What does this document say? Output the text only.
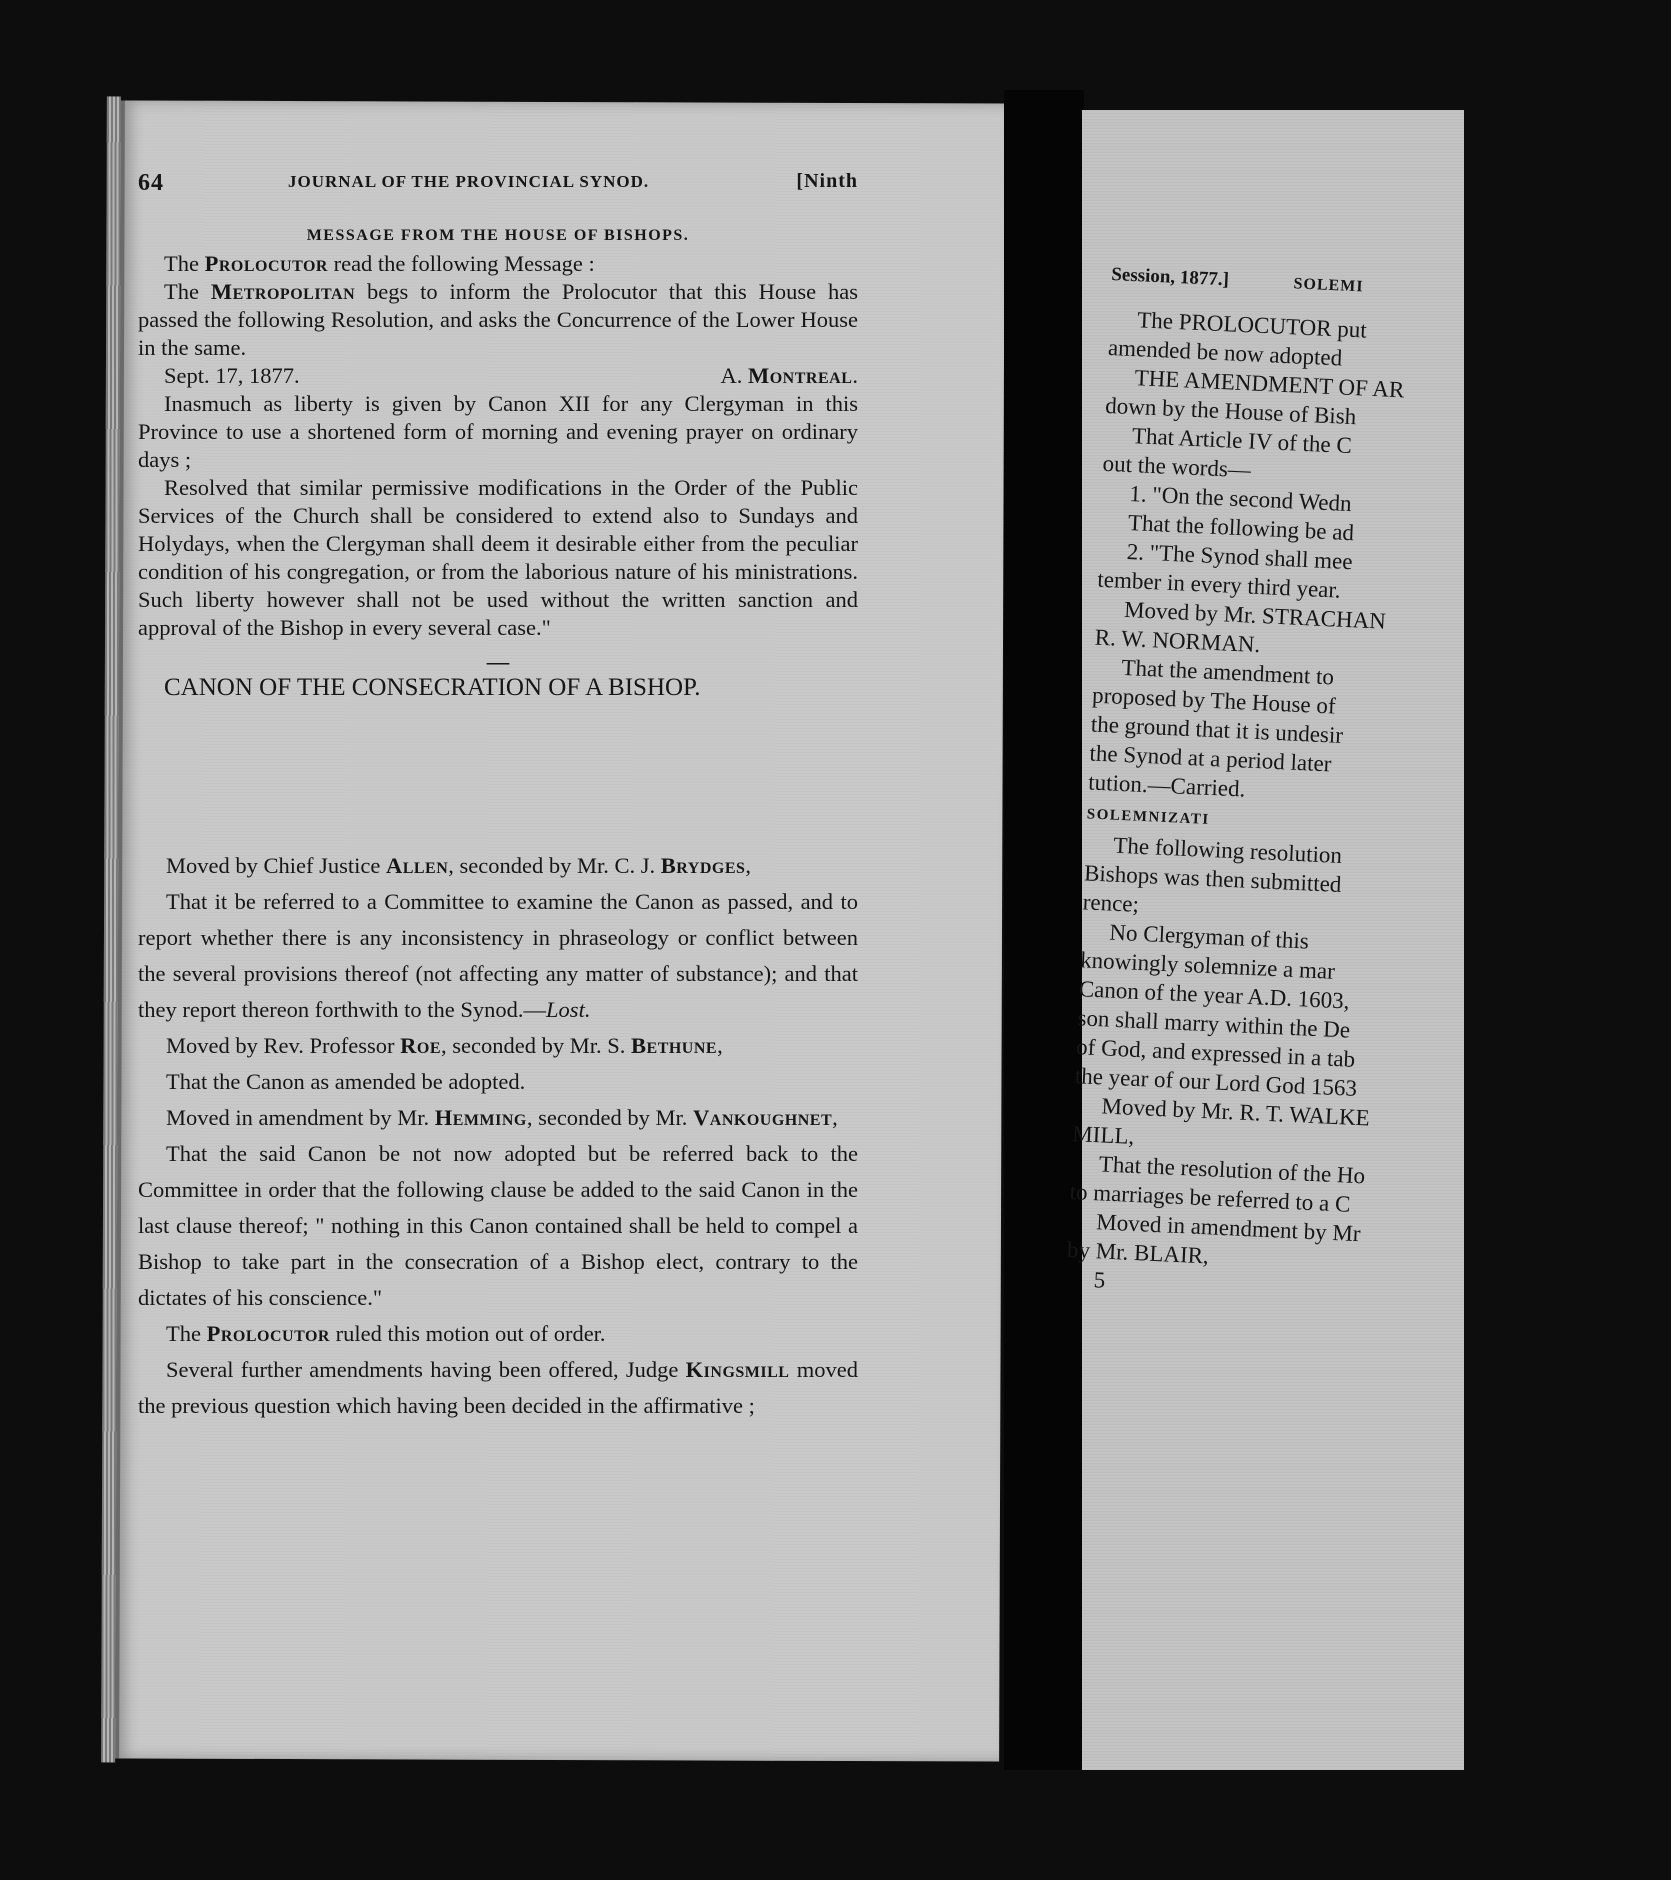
64	JOURNAL OF THE PROVINCIAL SYNOD.	[Ninth
MESSAGE FROM THE HOUSE OF BISHOPS.

The Prolocutor read the following Message :

The Metropolitan begs to inform the Prolocutor that this House has passed the following Resolution, and asks the Concurrence of the Lower House in the same.

Sept. 17, 1877.	A. Montreal.

Inasmuch as liberty is given by Canon XII for any Clergyman in this Province to use a shortened form of morning and evening prayer on ordinary days ;

Resolved that similar permissive modifications in the Order of the Public Services of the Church shall be considered to extend also to Sundays and Holydays, when the Clergyman shall deem it desirable either from the peculiar condition of his congregation, or from the laborious nature of his ministrations. Such liberty however shall not be used without the written sanction and approval of the Bishop in every several case."

—
CANON OF THE CONSECRATION OF A BISHOP.

Moved by Chief Justice Allen, seconded by Mr. C. J. Brydges,

That it be referred to a Committee to examine the Canon as passed, and to report whether there is any inconsistency in phraseology or conflict between the several provisions thereof (not affecting any matter of substance); and that they report thereon forthwith to the Synod.—Lost.

Moved by Rev. Professor Roe, seconded by Mr. S. Bethune,

That the Canon as amended be adopted.

Moved in amendment by Mr. Hemming, seconded by Mr. Vankoughnet,

That the said Canon be not now adopted but be referred back to the Committee in order that the following clause be added to the said Canon in the last clause thereof; " nothing in this Canon contained shall be held to compel a Bishop to take part in the consecration of a Bishop elect, contrary to the dictates of his conscience."

The Prolocutor ruled this motion out of order.

Several further amendments having been offered, Judge Kingsmill moved the previous question which having been decided in the affirmative ;

Session, 1877.]	SOLEMI
The PROLOCUTOR put
amended be now adopted
THE AMENDMENT OF AR
down by the House of Bish
That Article IV of the C
out the words—
1. "On the second Wedn
That the following be ad
2. "The Synod shall mee
tember in every third year.
Moved by Mr. STRACHAN
R. W. NORMAN.
That the amendment to
proposed by The House of
the ground that it is undesir
the Synod at a period later
tution.—Carried.
SOLEMNIZATI
The following resolution
Bishops was then submitted
rence;
No Clergyman of this
knowingly solemnize a mar
Canon of the year A.D. 1603,
son shall marry within the De
of God, and expressed in a tab
the year of our Lord God 1563
Moved by Mr. R. T. WALKE
MILL,
That the resolution of the Ho
to marriages be referred to a C
Moved in amendment by Mr
by Mr. BLAIR,
5
